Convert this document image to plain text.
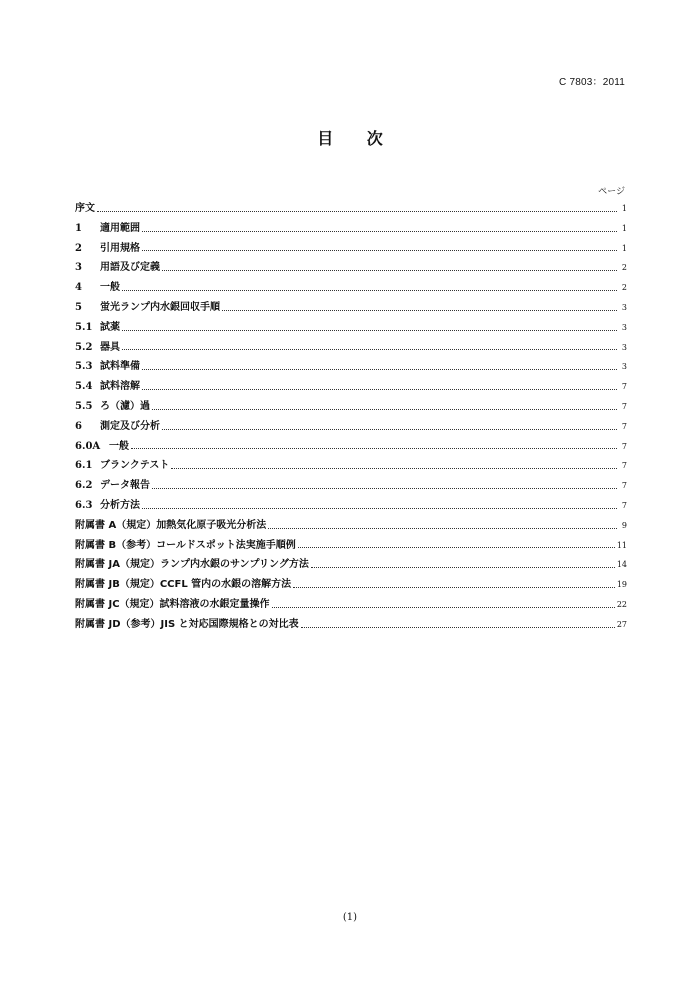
C 7803：2011
目 次
ページ
序文	1
1	適用範囲	1
2	引用規格	1
3	用語及び定義	2
4	一般	2
5	蛍光ランプ内水銀回収手順	3
5.1 試薬	3
5.2 器具	3
5.3 試料準備	3
5.4 試料溶解	7
5.5 ろ（濾）過	7
6	測定及び分析	7
6.0A 一般	7
6.1 ブランクテスト	7
6.2 データ報告	7
6.3 分析方法	7
附属書 A（規定）加熱気化原子吸光分析法	9
附属書 B（参考）コールドスポット法実施手順例	11
附属書 JA（規定）ランプ内水銀のサンプリング方法	14
附属書 JB（規定）CCFL 管内の水銀の溶解方法	19
附属書 JC（規定）試料溶液の水銀定量操作	22
附属書 JD（参考）JIS と対応国際規格との対比表	27
(1)
